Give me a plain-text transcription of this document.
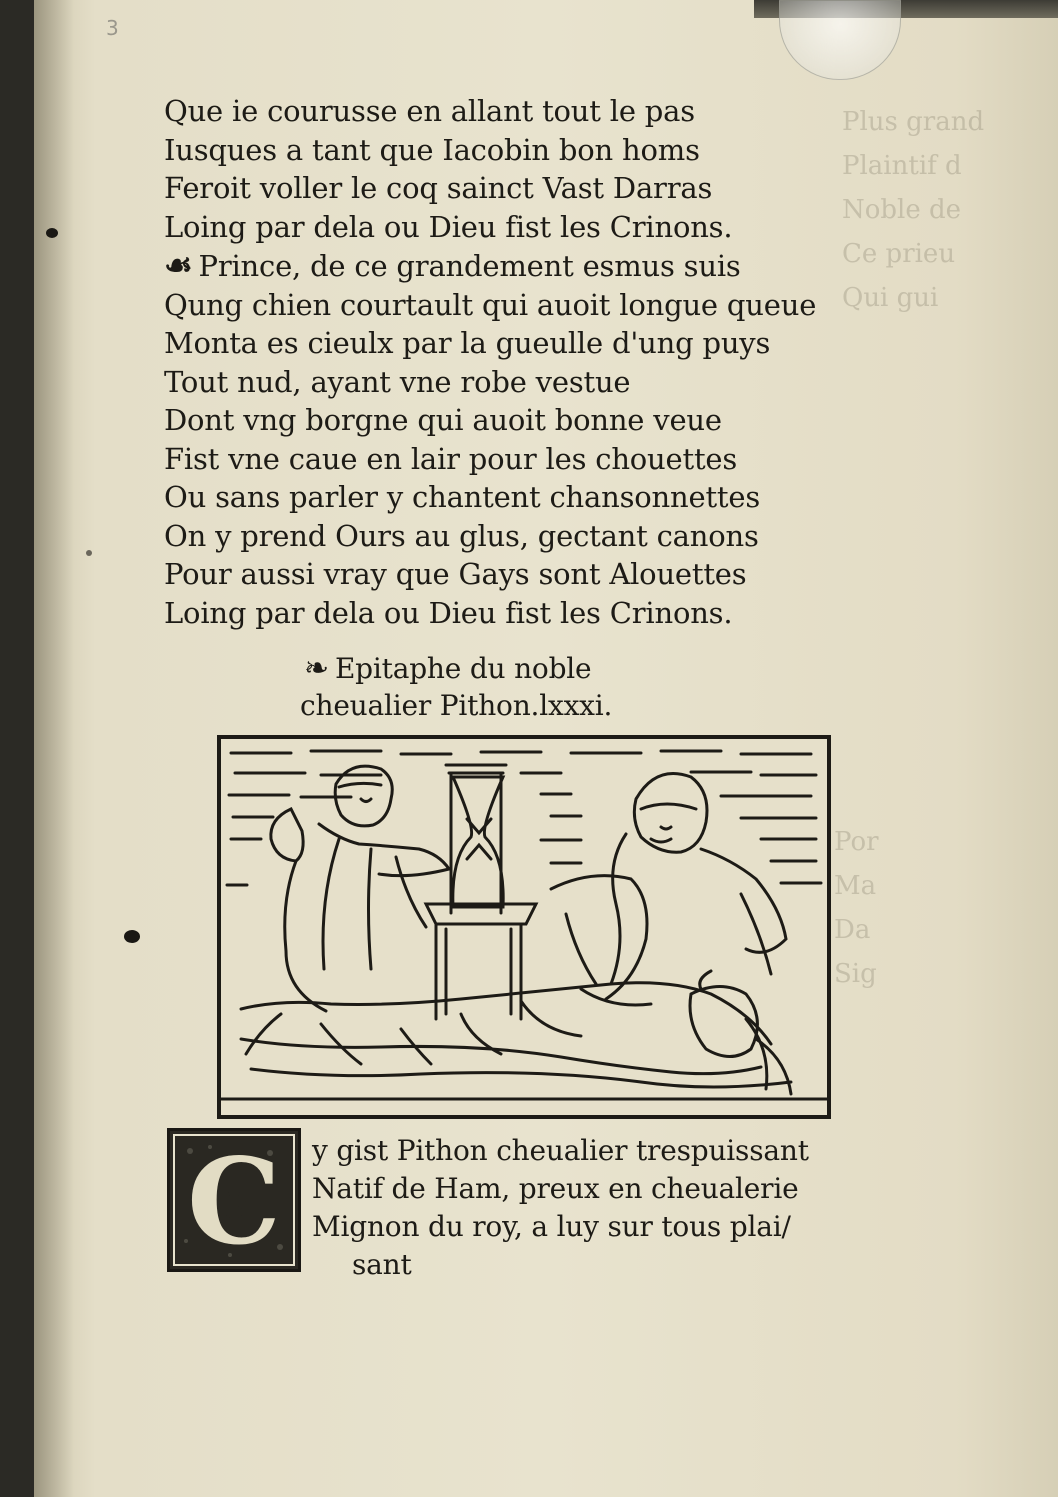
3
Plus grand
Plaintif d
Noble de
Ce prieu
Qui gui
Por
Ma
Da
Sig
Que ie courusse en allant tout le pas
Iusques a tant que Iacobin bon homs
Feroit voller le coq sainct Vast Darras
Loing par dela ou Dieu fist les Crinons.
☙ Prince, de ce grandement esmus suis
Qung chien courtault qui auoit longue queue
Monta es cieulx par la gueulle d'ung puys
Tout nud, ayant vne robe vestue
Dont vng borgne qui auoit bonne veue
Fist vne caue en lair pour les chouettes
Ou sans parler y chantent chansonnettes
On y prend Ours au glus, gectant canons
Pour aussi vray que Gays sont Alouettes
Loing par dela ou Dieu fist les Crinons.
❧ Epitaphe du noble
cheualier Pithon.lxxxi.
C y gist Pithon cheualier trespuissant
Natif de Ham, preux en cheualerie
Mignon du roy, a luy sur tous plai/
sant
